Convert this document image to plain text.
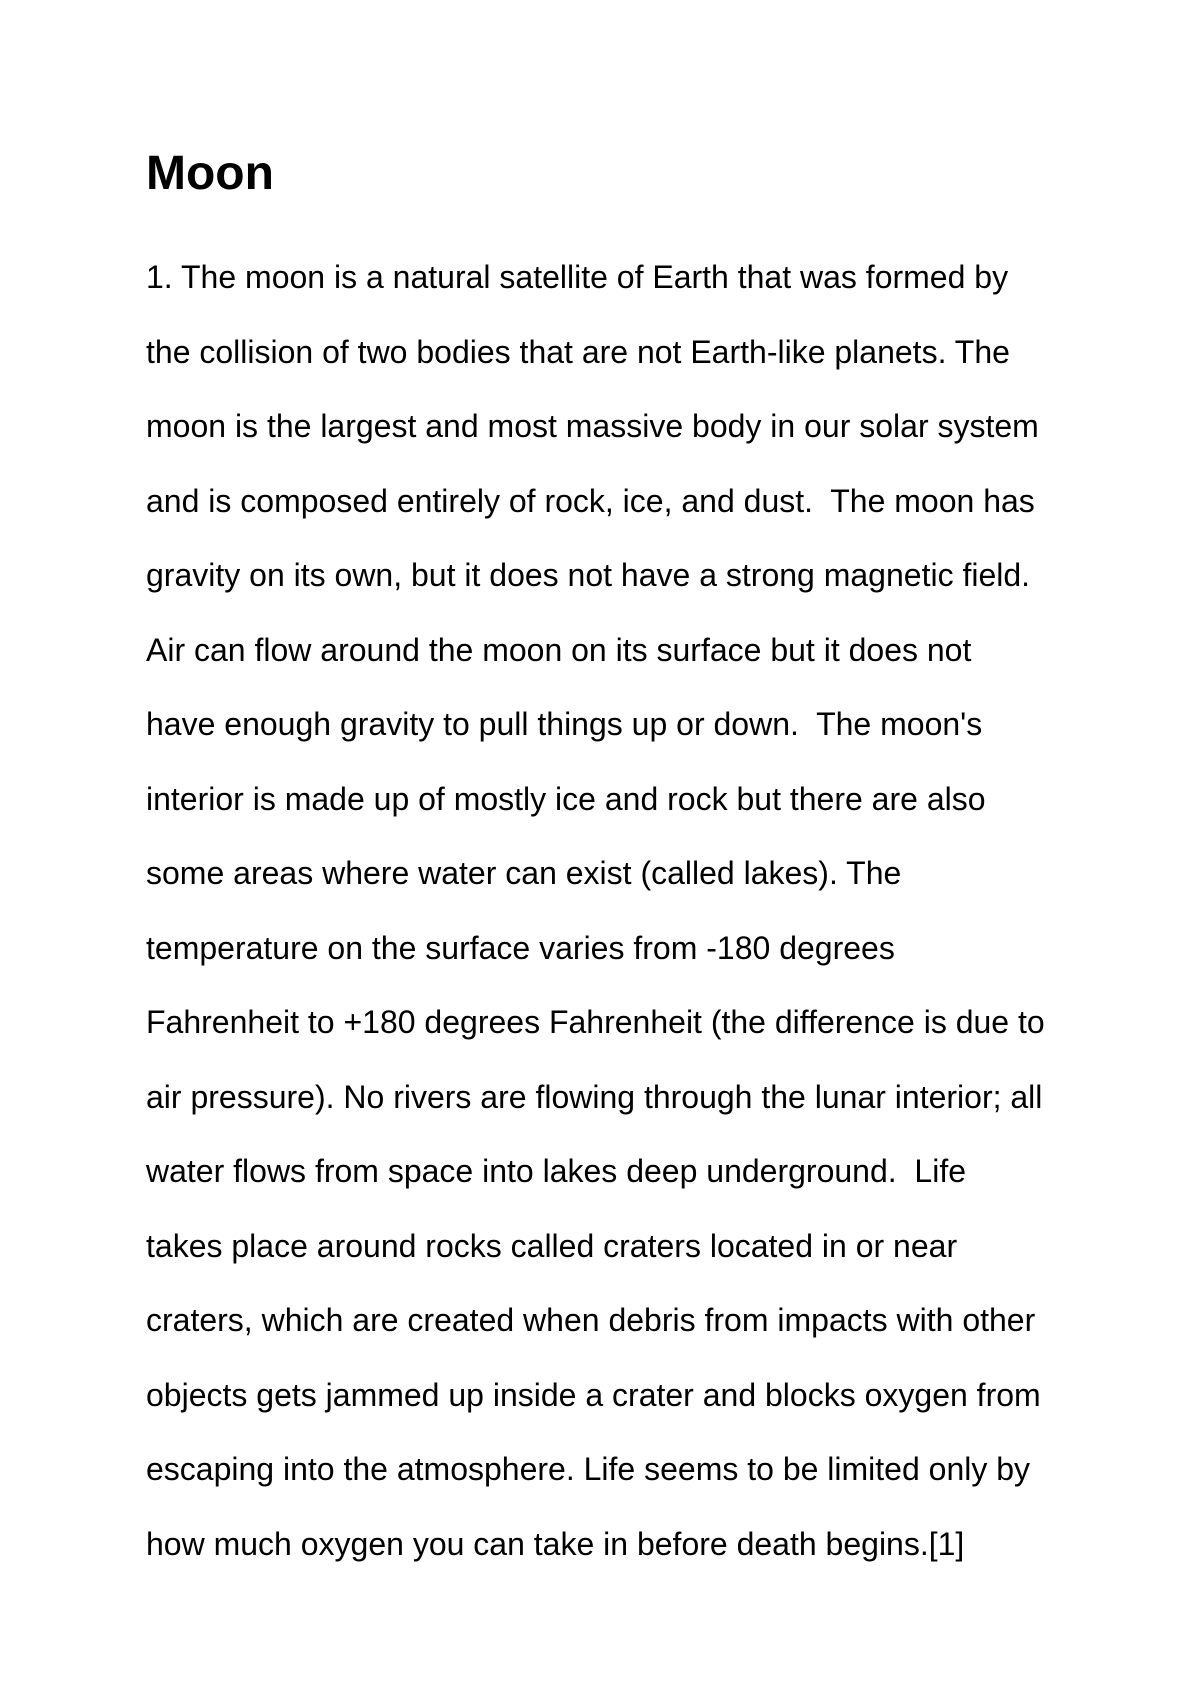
Moon
1. The moon is a natural satellite of Earth that was formed by
the collision of two bodies that are not Earth-like planets. The
moon is the largest and most massive body in our solar system
and is composed entirely of rock, ice, and dust.  The moon has
gravity on its own, but it does not have a strong magnetic field.
Air can flow around the moon on its surface but it does not
have enough gravity to pull things up or down.  The moon's
interior is made up of mostly ice and rock but there are also
some areas where water can exist (called lakes). The
temperature on the surface varies from -180 degrees
Fahrenheit to +180 degrees Fahrenheit (the difference is due to
air pressure). No rivers are flowing through the lunar interior; all
water flows from space into lakes deep underground.  Life
takes place around rocks called craters located in or near
craters, which are created when debris from impacts with other
objects gets jammed up inside a crater and blocks oxygen from
escaping into the atmosphere. Life seems to be limited only by
how much oxygen you can take in before death begins.[1]
